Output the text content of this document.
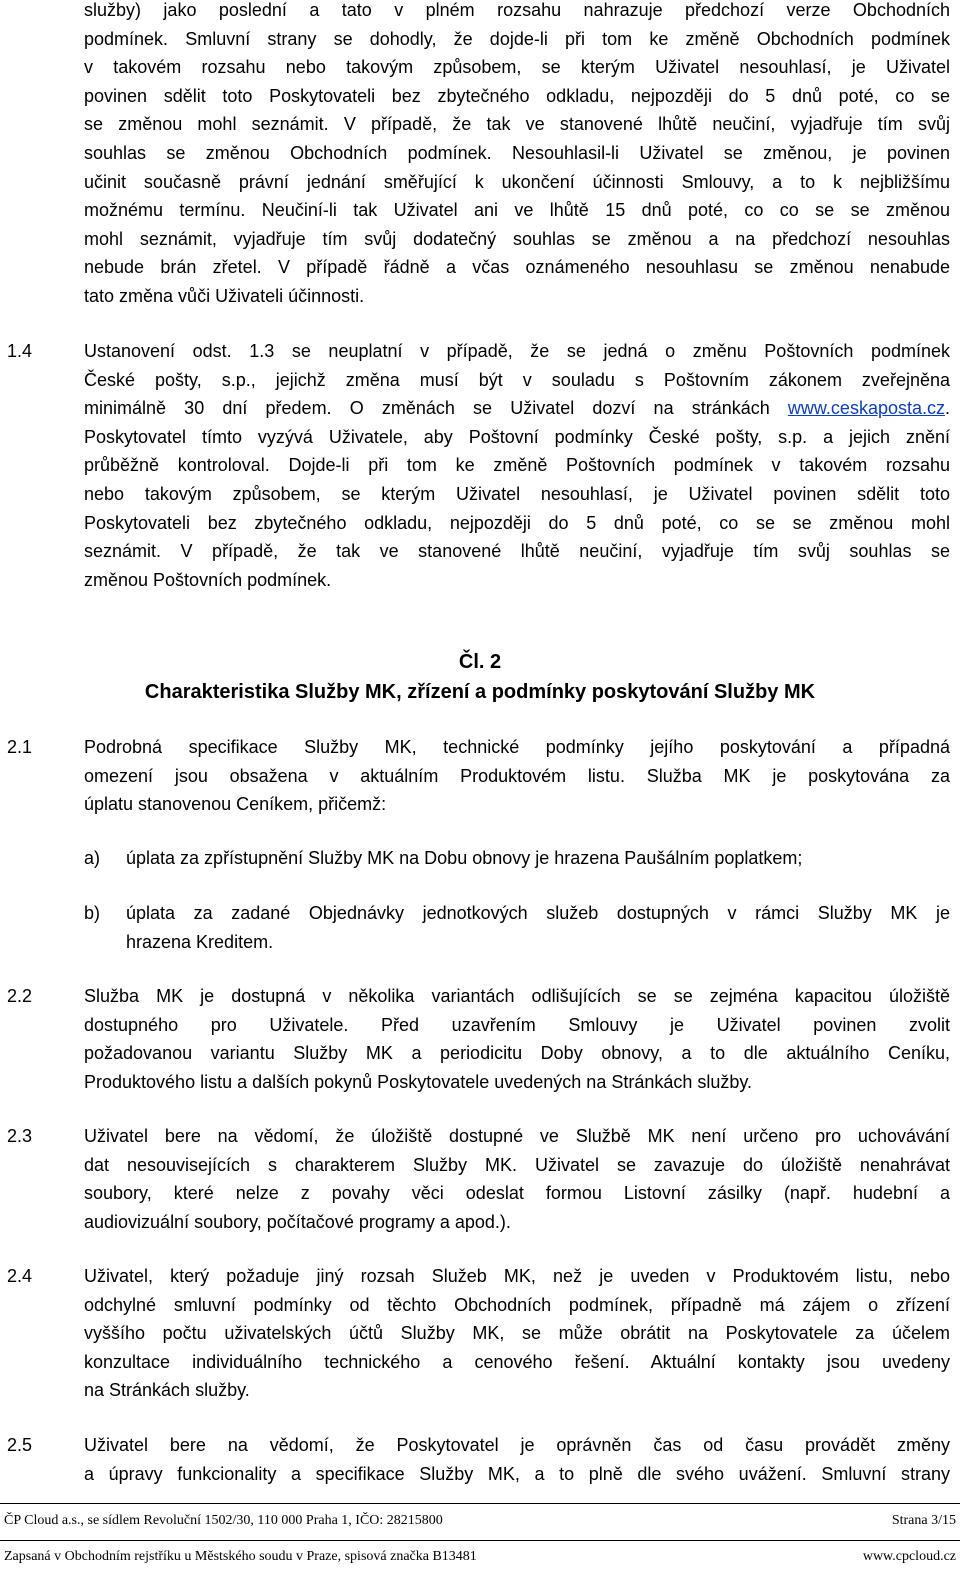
služby) jako poslední a tato v plném rozsahu nahrazuje předchozí verze Obchodních
podmínek. Smluvní strany se dohodly, že dojde-li při tom ke změně Obchodních podmínek
v takovém rozsahu nebo takovým způsobem, se kterým Uživatel nesouhlasí, je Uživatel
povinen sdělit toto Poskytovateli bez zbytečného odkladu, nejpozději do 5 dnů poté, co se
se změnou mohl seznámit. V případě, že tak ve stanovené lhůtě neučiní, vyjadřuje tím svůj
souhlas se změnou Obchodních podmínek. Nesouhlasil-li Uživatel se změnou, je povinen
učinit současně právní jednání směřující k ukončení účinnosti Smlouvy, a to k nejbližšímu
možnému termínu. Neučiní-li tak Uživatel ani ve lhůtě 15 dnů poté, co co se se změnou
mohl seznámit, vyjadřuje tím svůj dodatečný souhlas se změnou a na předchozí nesouhlas
nebude brán zřetel. V případě řádně a včas oznámeného nesouhlasu se změnou nenabude
tato změna vůči Uživateli účinnosti.
1.4	Ustanovení odst. 1.3 se neuplatní v případě, že se jedná o změnu Poštovních podmínek
České pošty, s.p., jejichž změna musí být v souladu s Poštovním zákonem zveřejněna
minimálně 30 dní předem. O změnách se Uživatel dozví na stránkách www.ceskaposta.cz.
Poskytovatel tímto vyzývá Uživatele, aby Poštovní podmínky České pošty, s.p. a jejich znění
průběžně kontroloval. Dojde-li při tom ke změně Poštovních podmínek v takovém rozsahu
nebo takovým způsobem, se kterým Uživatel nesouhlasí, je Uživatel povinen sdělit toto
Poskytovateli bez zbytečného odkladu, nejpozději do 5 dnů poté, co se se změnou mohl
seznámit. V případě, že tak ve stanovené lhůtě neučiní, vyjadřuje tím svůj souhlas se
změnou Poštovních podmínek.
Čl. 2
Charakteristika Služby MK, zřízení a podmínky poskytování Služby MK
2.1	Podrobná specifikace Služby MK, technické podmínky jejího poskytování a případná
omezení jsou obsažena v aktuálním Produktovém listu. Služba MK je poskytována za
úplatu stanovenou Ceníkem, přičemž:
a) úplata za zpřístupnění Služby MK na Dobu obnovy je hrazena Paušálním poplatkem;
b) úplata za zadané Objednávky jednotkových služeb dostupných v rámci Služby MK je
hrazena Kreditem.
2.2	Služba MK je dostupná v několika variantách odlišujících se se zejména kapacitou úložiště
dostupného pro Uživatele. Před uzavřením Smlouvy je Uživatel povinen zvolit
požadovanou variantu Služby MK a periodicitu Doby obnovy, a to dle aktuálního Ceníku,
Produktového listu a dalších pokynů Poskytovatele uvedených na Stránkách služby.
2.3	Uživatel bere na vědomí, že úložiště dostupné ve Službě MK není určeno pro uchovávání
dat nesouvisejících s charakterem Služby MK. Uživatel se zavazuje do úložiště nenahrávat
soubory, které nelze z povahy věci odeslat formou Listovní zásilky (např. hudební a
audiovizuální soubory, počítačové programy a apod.).
2.4	Uživatel, který požaduje jiný rozsah Služeb MK, než je uveden v Produktovém listu, nebo
odchylné smluvní podmínky od těchto Obchodních podmínek, případně má zájem o zřízení
vyššího počtu uživatelských účtů Služby MK, se může obrátit na Poskytovatele za účelem
konzultace individuálního technického a cenového řešení. Aktuální kontakty jsou uvedeny
na Stránkách služby.
2.5	Uživatel bere na vědomí, že Poskytovatel je oprávněn čas od času provádět změny
a úpravy funkcionality a specifikace Služby MK, a to plně dle svého uvážení. Smluvní strany
ČP Cloud a.s., se sídlem Revoluční 1502/30, 110 000 Praha 1, IČO: 28215800	Strana 3/15
Zapsaná v Obchodním rejstříku u Městského soudu v Praze, spisová značka B13481	www.cpcloud.cz
